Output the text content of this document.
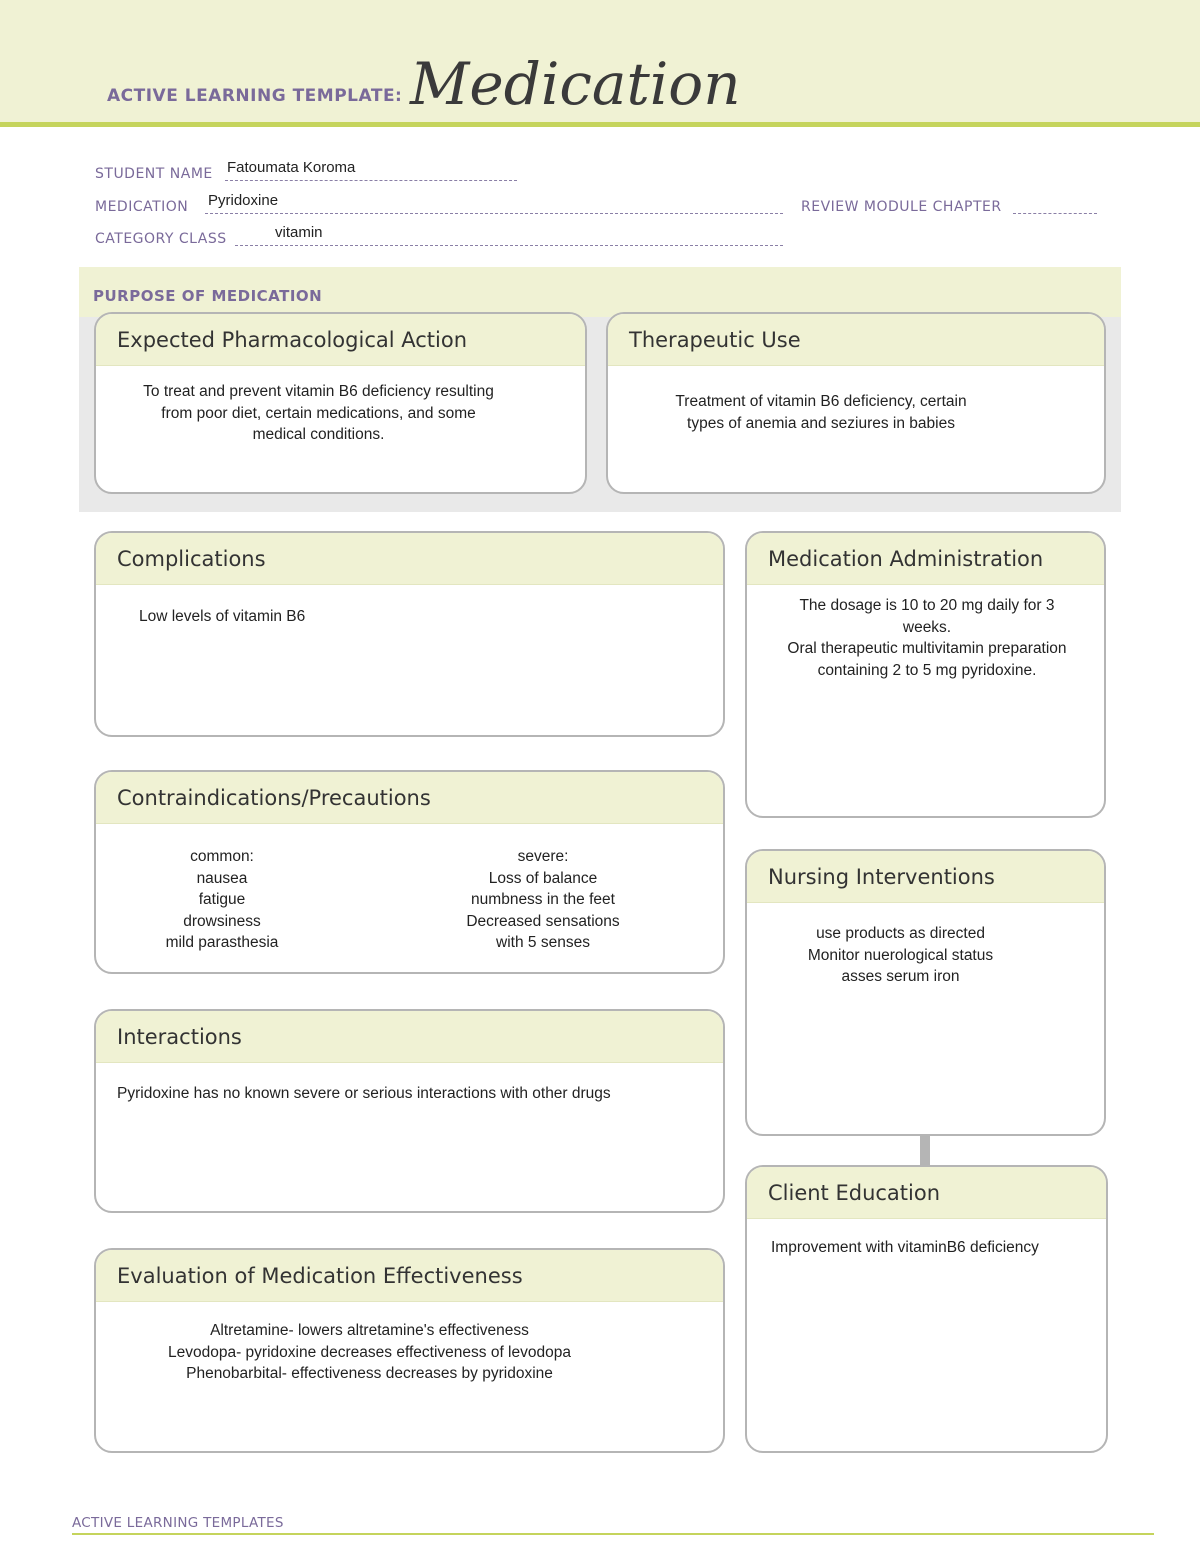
ACTIVE LEARNING TEMPLATE: Medication
STUDENT NAME Fatoumata Koroma
MEDICATION Pyridoxine	REVIEW MODULE CHAPTER
CATEGORY CLASS	vitamin
PURPOSE OF MEDICATION
Expected Pharmacological Action
To treat and prevent vitamin B6 deficiency resulting
from poor diet, certain medications, and some
medical conditions.
Therapeutic Use
Treatment of vitamin B6 deficiency, certain
types of anemia and seziures in babies
Complications
Low levels of vitamin B6
Medication Administration
The dosage is 10 to 20 mg daily for 3
weeks.
Oral therapeutic multivitamin preparation
containing 2 to 5 mg pyridoxine.
Contraindications/Precautions
common:
nausea
fatigue
drowsiness
mild parasthesia
severe:
Loss of balance
numbness in the feet
Decreased sensations
with 5 senses
Nursing Interventions
use products as directed
Monitor nuerological status
asses serum iron
Interactions
Pyridoxine has no known severe or serious interactions with other drugs
Client Education
Improvement with vitaminB6 deficiency
Evaluation of Medication Effectiveness
Altretamine- lowers altretamine's effectiveness
Levodopa- pyridoxine decreases effectiveness of levodopa
Phenobarbital- effectiveness decreases by pyridoxine
ACTIVE LEARNING TEMPLATES
